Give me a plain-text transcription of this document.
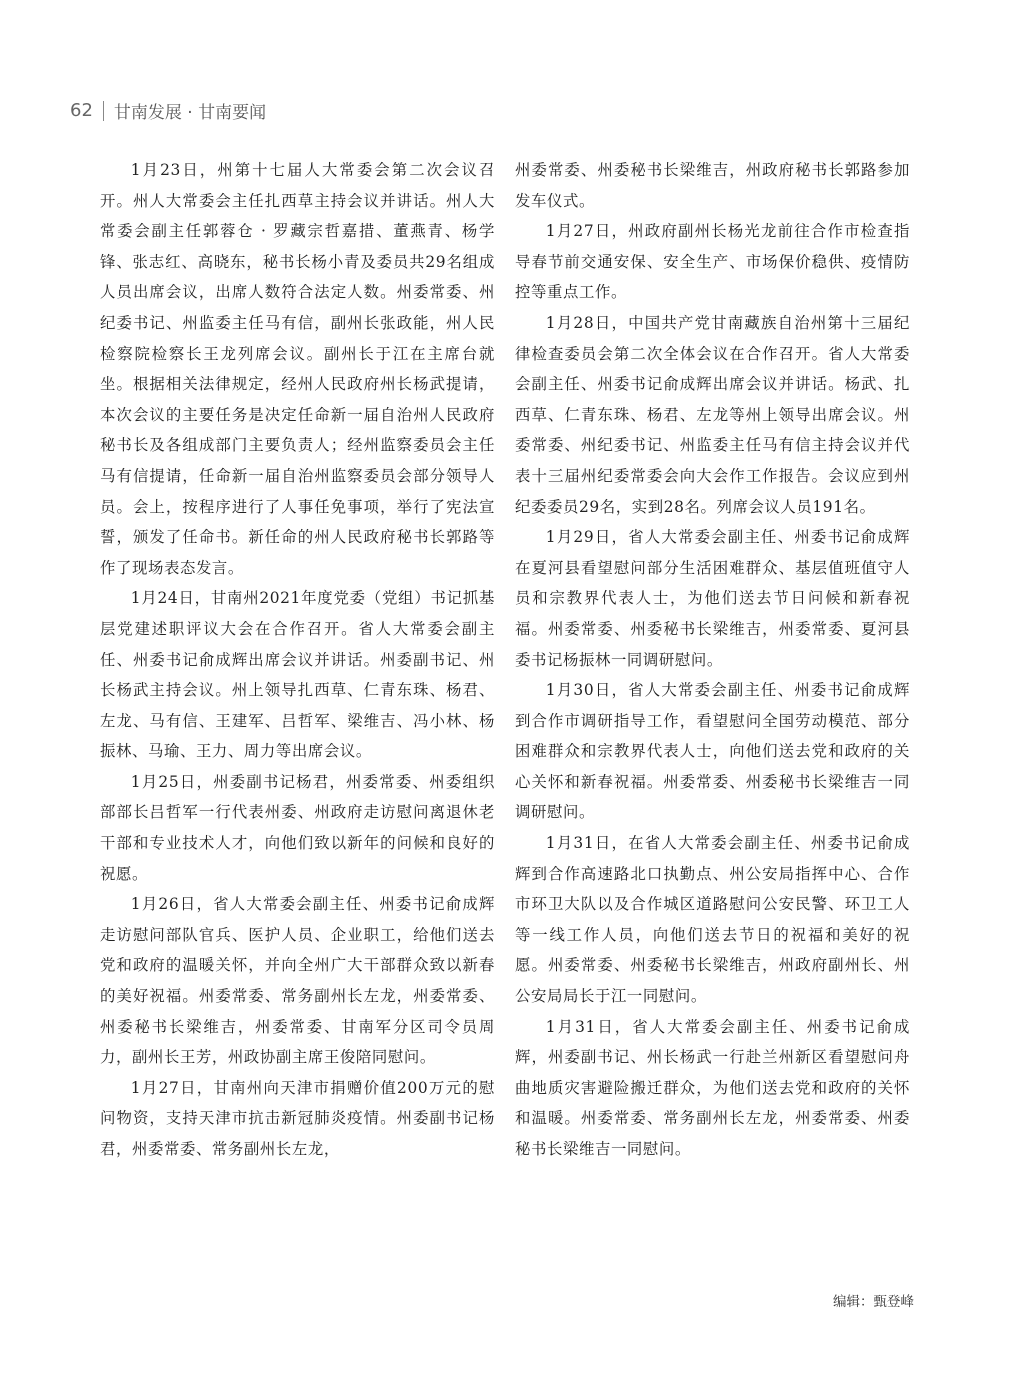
62 甘南发展 · 甘南要闻

1月23日，州第十七届人大常委会第二次会议召开。州人大常委会主任扎西草主持会议并讲话。州人大常委会副主任郭蓉仓 · 罗藏宗哲嘉措、董燕青、杨学锋、张志红、高晓东，秘书长杨小青及委员共29名组成人员出席会议，出席人数符合法定人数。州委常委、州纪委书记、州监委主任马有信，副州长张政能，州人民检察院检察长王龙列席会议。副州长于江在主席台就坐。根据相关法律规定，经州人民政府州长杨武提请，本次会议的主要任务是决定任命新一届自治州人民政府秘书长及各组成部门主要负责人；经州监察委员会主任马有信提请，任命新一届自治州监察委员会部分领导人员。会上，按程序进行了人事任免事项，举行了宪法宣誓，颁发了任命书。新任命的州人民政府秘书长郭路等作了现场表态发言。

1月24日，甘南州2021年度党委（党组）书记抓基层党建述职评议大会在合作召开。省人大常委会副主任、州委书记俞成辉出席会议并讲话。州委副书记、州长杨武主持会议。州上领导扎西草、仁青东珠、杨君、左龙、马有信、王建军、吕哲军、梁维吉、冯小林、杨振林、马瑜、王力、周力等出席会议。

1月25日，州委副书记杨君，州委常委、州委组织部部长吕哲军一行代表州委、州政府走访慰问离退休老干部和专业技术人才，向他们致以新年的问候和良好的祝愿。

1月26日，省人大常委会副主任、州委书记俞成辉走访慰问部队官兵、医护人员、企业职工，给他们送去党和政府的温暖关怀，并向全州广大干部群众致以新春的美好祝福。州委常委、常务副州长左龙，州委常委、州委秘书长梁维吉，州委常委、甘南军分区司令员周力，副州长王芳，州政协副主席王俊陪同慰问。

1月27日，甘南州向天津市捐赠价值200万元的慰问物资，支持天津市抗击新冠肺炎疫情。州委副书记杨君，州委常委、常务副州长左龙，

州委常委、州委秘书长梁维吉，州政府秘书长郭路参加发车仪式。

1月27日，州政府副州长杨光龙前往合作市检查指导春节前交通安保、安全生产、市场保价稳供、疫情防控等重点工作。

1月28日，中国共产党甘南藏族自治州第十三届纪律检查委员会第二次全体会议在合作召开。省人大常委会副主任、州委书记俞成辉出席会议并讲话。杨武、扎西草、仁青东珠、杨君、左龙等州上领导出席会议。州委常委、州纪委书记、州监委主任马有信主持会议并代表十三届州纪委常委会向大会作工作报告。会议应到州纪委委员29名，实到28名。列席会议人员191名。

1月29日，省人大常委会副主任、州委书记俞成辉在夏河县看望慰问部分生活困难群众、基层值班值守人员和宗教界代表人士，为他们送去节日问候和新春祝福。州委常委、州委秘书长梁维吉，州委常委、夏河县委书记杨振林一同调研慰问。

1月30日，省人大常委会副主任、州委书记俞成辉到合作市调研指导工作，看望慰问全国劳动模范、部分困难群众和宗教界代表人士，向他们送去党和政府的关心关怀和新春祝福。州委常委、州委秘书长梁维吉一同调研慰问。

1月31日，在省人大常委会副主任、州委书记俞成辉到合作高速路北口执勤点、州公安局指挥中心、合作市环卫大队以及合作城区道路慰问公安民警、环卫工人等一线工作人员，向他们送去节日的祝福和美好的祝愿。州委常委、州委秘书长梁维吉，州政府副州长、州公安局局长于江一同慰问。

1月31日，省人大常委会副主任、州委书记俞成辉，州委副书记、州长杨武一行赴兰州新区看望慰问舟曲地质灾害避险搬迁群众，为他们送去党和政府的关怀和温暖。州委常委、常务副州长左龙，州委常委、州委秘书长梁维吉一同慰问。

编辑：甄登峰
